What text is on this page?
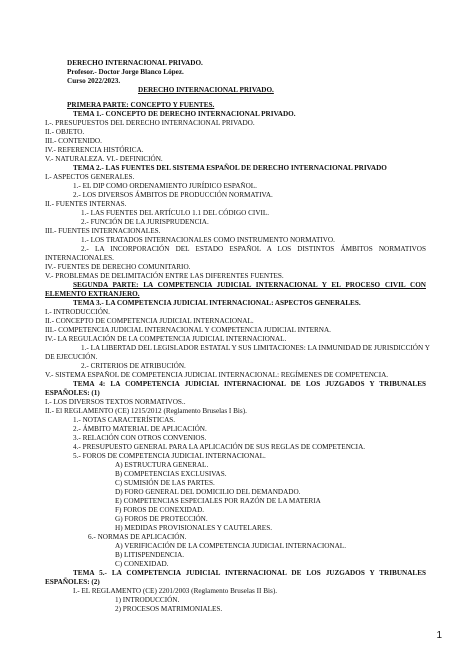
DERECHO INTERNACIONAL PRIVADO.
Profesor.- Doctor Jorge Blanco López.
Curso 2022/2023.
DERECHO INTERNACIONAL PRIVADO.
PRIMERA PARTE: CONCEPTO Y FUENTES.
TEMA 1.- CONCEPTO DE DERECHO INTERNACIONAL PRIVADO.
I.-. PRESUPUESTOS DEL DERECHO INTERNACIONAL PRIVADO.
II.- OBJETO.
III.- CONTENIDO.
IV.- REFERENCIA HISTÓRICA.
V.- NATURALEZA. VI.- DEFINICIÓN.
TEMA 2.- LAS FUENTES DEL SISTEMA ESPAÑOL DE DERECHO INTERNACIONAL PRIVADO
I.- ASPECTOS GENERALES.
1.- EL DIP COMO ORDENAMIENTO JURÍDICO ESPAÑOL.
2.- LOS DIVERSOS ÁMBITOS DE PRODUCCIÓN NORMATIVA.
II.- FUENTES INTERNAS.
1.- LAS FUENTES DEL ARTÍCULO 1.1 DEL CÓDIGO CIVIL.
2.- FUNCIÓN DE LA JURISPRUDENCIA.
III.- FUENTES INTERNACIONALES.
1.- LOS TRATADOS INTERNACIONALES COMO INSTRUMENTO NORMATIVO.
2.- LA INCORPORACIÓN DEL ESTADO ESPAÑOL A LOS DISTINTOS ÁMBITOS NORMATIVOS
INTERNACIONALES.
IV.- FUENTES DE DERECHO COMUNITARIO.
V.- PROBLEMAS DE DELIMITACIÓN ENTRE LAS DIFERENTES FUENTES.
SEGUNDA PARTE: LA COMPETENCIA JUDICIAL INTERNACIONAL Y EL PROCESO CIVIL CON
ELEMENTO EXTRANJERO.
TEMA 3.- LA COMPETENCIA JUDICIAL INTERNACIONAL: ASPECTOS GENERALES.
I.- INTRODUCCIÓN.
II.- CONCEPTO DE COMPETENCIA JUDICIAL INTERNACIONAL.
III.- COMPETENCIA JUDICIAL INTERNACIONAL Y COMPETENCIA JUDICIAL INTERNA.
IV.- LA REGULACIÓN DE LA COMPETENCIA JUDICIAL INTERNACIONAL.
1.- LA LIBERTAD DEL LEGISLADOR ESTATAL Y SUS LIMITACIONES: LA INMUNIDAD DE JURISDICCIÓN Y
DE EJECUCIÓN.
2.- CRITERIOS DE ATRIBUCIÓN.
V.- SISTEMA ESPAÑOL DE COMPETENCIA JUDICIAL INTERNACIONAL: REGÍMENES DE COMPETENCIA.
TEMA 4: LA COMPETENCIA JUDICIAL INTERNACIONAL DE LOS JUZGADOS Y TRIBUNALES
ESPAÑOLES: (1)
I.- LOS DIVERSOS TEXTOS NORMATIVOS..
II.- El REGLAMENTO (CE) 1215/2012 (Reglamento Bruselas I Bis).
1.- NOTAS CARACTERÍSTICAS.
2.- ÁMBITO MATERIAL DE APLICACIÓN.
3.- RELACIÓN CON OTROS CONVENIOS.
4.- PRESUPUESTO GENERAL PARA LA APLICACIÓN DE SUS REGLAS DE COMPETENCIA.
5.- FOROS DE COMPETENCIA JUDICIAL INTERNACIONAL.
A) ESTRUCTURA GENERAL.
B) COMPETENCIAS EXCLUSIVAS.
C) SUMISIÓN DE LAS PARTES.
D) FORO GENERAL DEL DOMICILIO DEL DEMANDADO.
E) COMPETENCIAS ESPECIALES POR RAZÓN DE LA MATERIA
F) FOROS DE CONEXIDAD.
G) FOROS DE PROTECCIÓN.
H) MEDIDAS PROVISIONALES Y CAUTELARES.
6.- NORMAS DE APLICACIÓN.
A) VERIFICACIÓN DE LA COMPETENCIA JUDICIAL INTERNACIONAL.
B) LITISPENDENCIA.
C) CONEXIDAD.
TEMA 5.- LA COMPETENCIA JUDICIAL INTERNACIONAL DE LOS JUZGADOS Y TRIBUNALES
ESPAÑOLES: (2)
I.- EL REGLAMENTO (CE) 2201/2003 (Reglamento Bruselas II Bis).
1) INTRODUCCIÓN.
2) PROCESOS MATRIMONIALES.
1
